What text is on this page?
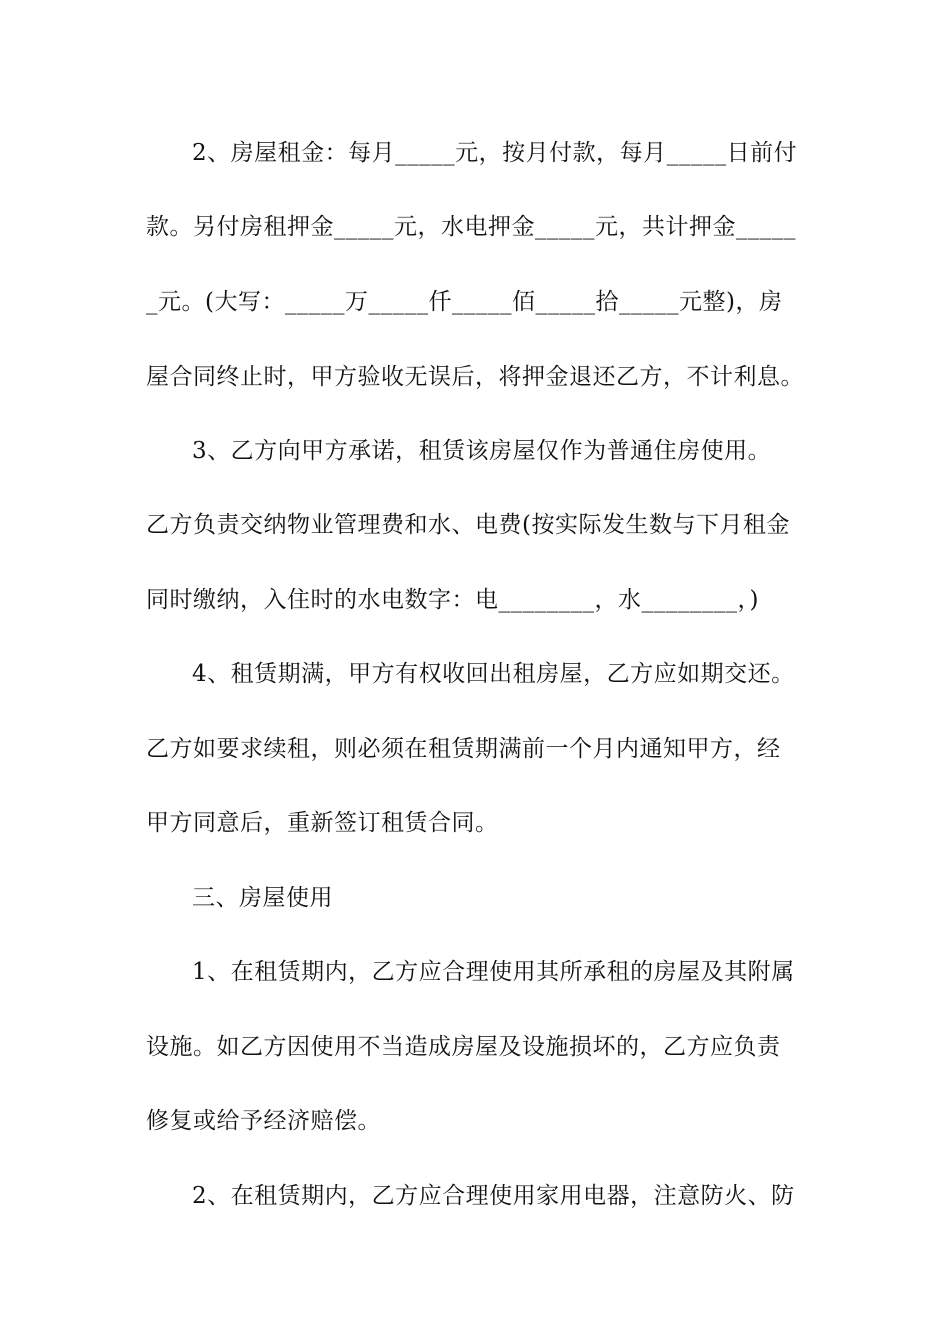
2、房屋租金：每月_____元，按月付款，每月_____日前付
款。另付房租押金_____元，水电押金_____元，共计押金_____
_元。(大写：_____万_____仟_____佰_____拾_____元整)，房
屋合同终止时，甲方验收无误后，将押金退还乙方，不计利息。
3、乙方向甲方承诺，租赁该房屋仅作为普通住房使用。
乙方负责交纳物业管理费和水、电费(按实际发生数与下月租金
同时缴纳，入住时的水电数字：电________，水________，)
4、租赁期满，甲方有权收回出租房屋，乙方应如期交还。
乙方如要求续租，则必须在租赁期满前一个月内通知甲方，经
甲方同意后，重新签订租赁合同。
三、房屋使用
1、在租赁期内，乙方应合理使用其所承租的房屋及其附属
设施。如乙方因使用不当造成房屋及设施损坏的，乙方应负责
修复或给予经济赔偿。
2、在租赁期内，乙方应合理使用家用电器，注意防火、防
